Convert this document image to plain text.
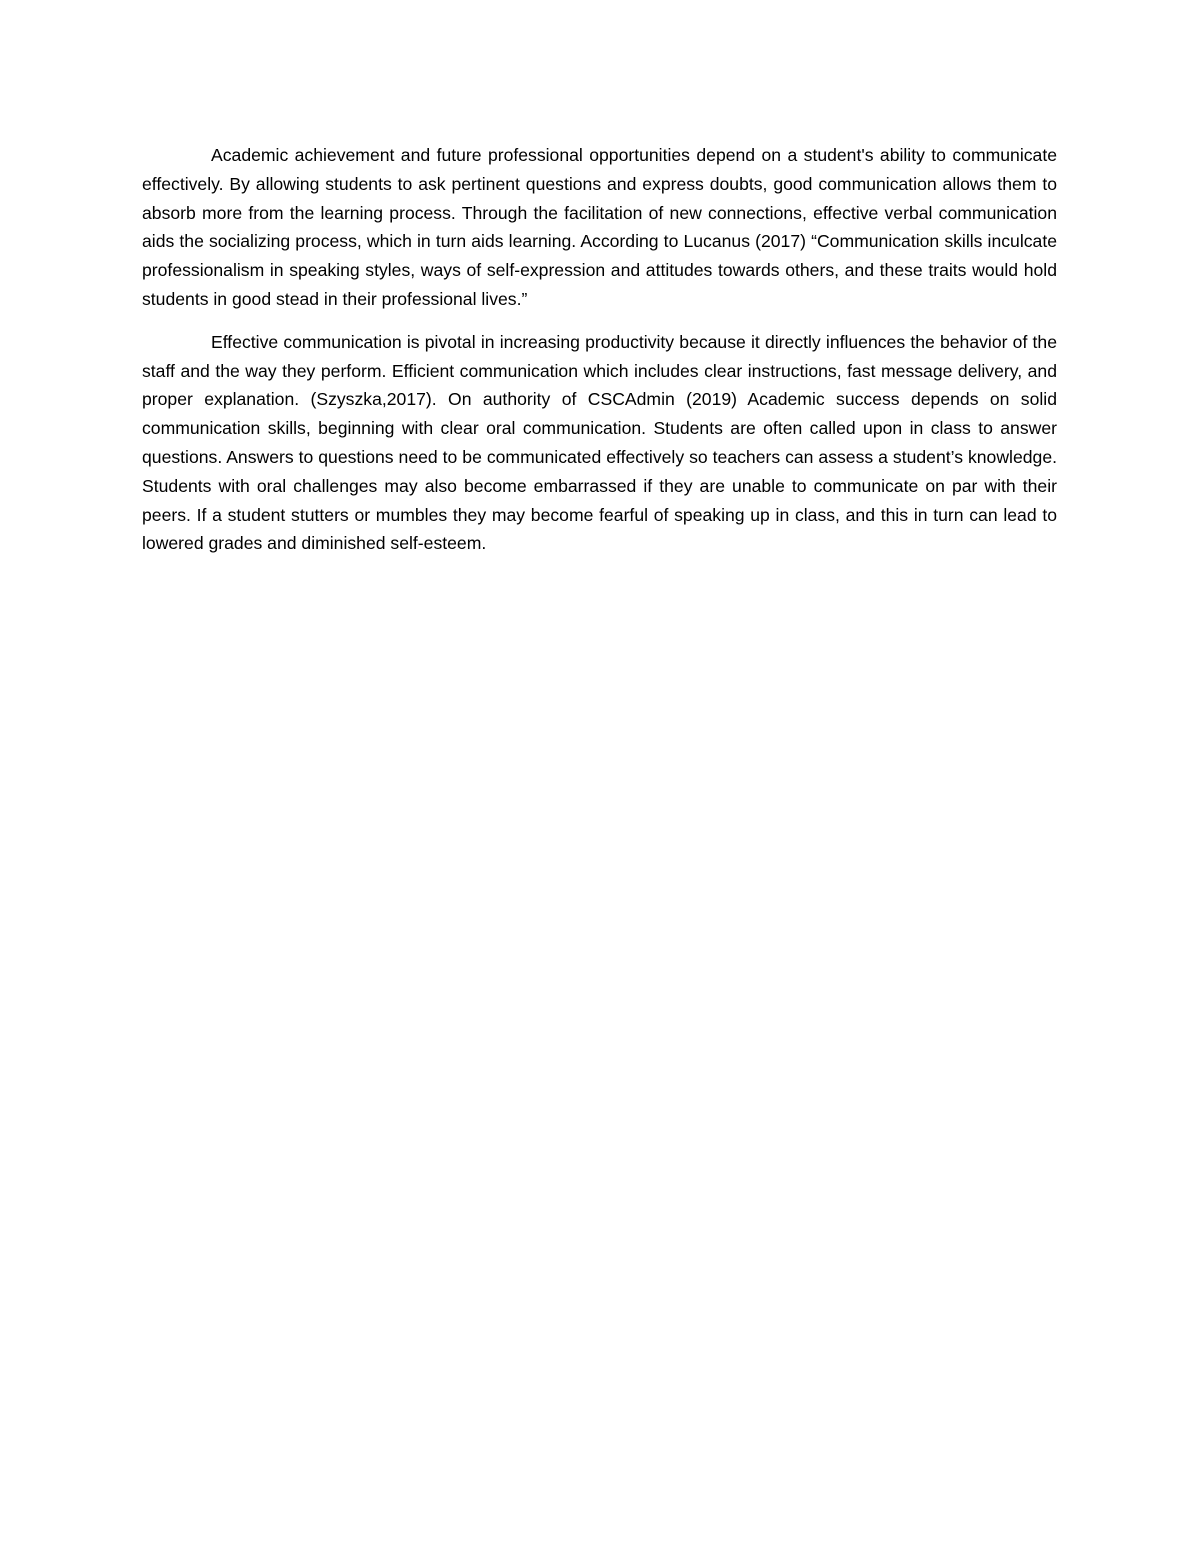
Academic achievement and future professional opportunities depend on a student's ability to communicate effectively. By allowing students to ask pertinent questions and express doubts, good communication allows them to absorb more from the learning process. Through the facilitation of new connections, effective verbal communication aids the socializing process, which in turn aids learning. According to Lucanus (2017) “Communication skills inculcate professionalism in speaking styles, ways of self-expression and attitudes towards others, and these traits would hold students in good stead in their professional lives.”

Effective communication is pivotal in increasing productivity because it directly influences the behavior of the staff and the way they perform. Efficient communication which includes clear instructions, fast message delivery, and proper explanation. (Szyszka,2017). On authority of CSCAdmin (2019) Academic success depends on solid communication skills, beginning with clear oral communication. Students are often called upon in class to answer questions. Answers to questions need to be communicated effectively so teachers can assess a student’s knowledge. Students with oral challenges may also become embarrassed if they are unable to communicate on par with their peers. If a student stutters or mumbles they may become fearful of speaking up in class, and this in turn can lead to lowered grades and diminished self-esteem.
